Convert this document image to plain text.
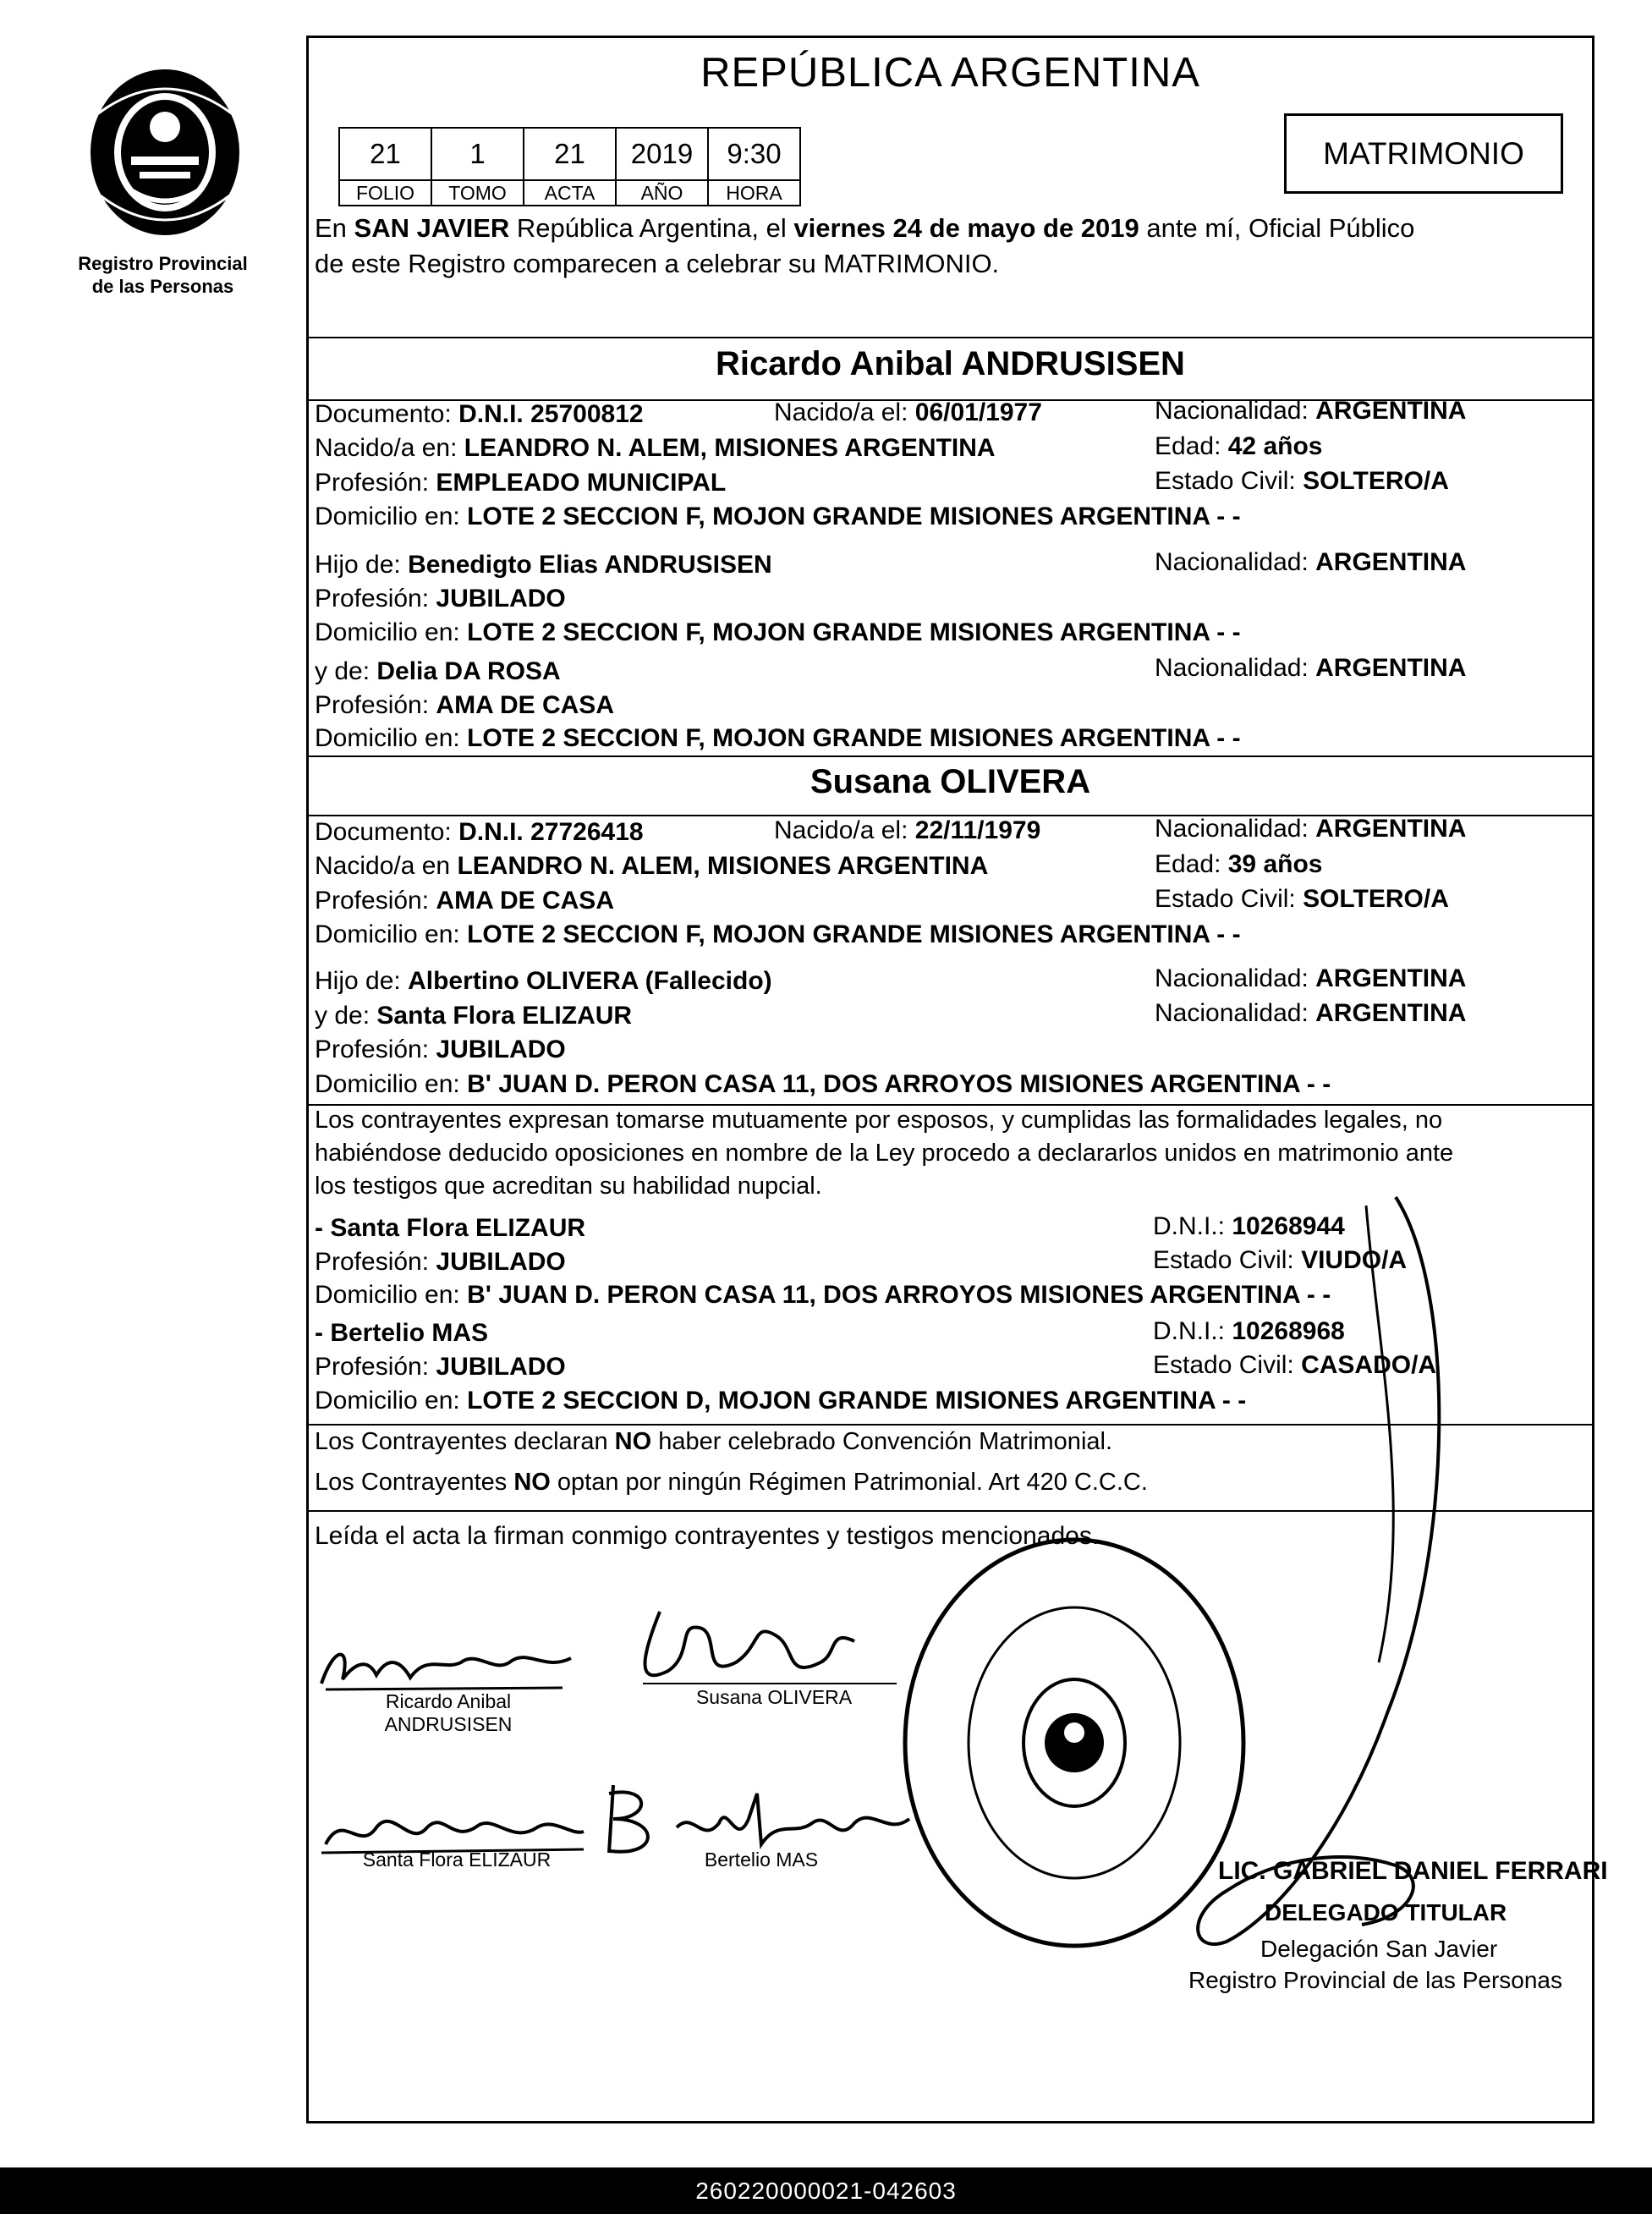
Registro Provincial
de las Personas
REPÚBLICA ARGENTINA
21	1	21	2019	9:30
FOLIO	TOMO	ACTA	AÑO	HORA
MATRIMONIO
En SAN JAVIER República Argentina, el viernes 24 de mayo de 2019 ante mí, Oficial Público
de este Registro comparecen a celebrar su MATRIMONIO.
Ricardo Anibal ANDRUSISEN
Documento: D.N.I. 25700812	Nacido/a el: 06/01/1977	Nacionalidad: ARGENTINA
Nacido/a en: LEANDRO N. ALEM, MISIONES ARGENTINA	Edad: 42 años
Profesión: EMPLEADO MUNICIPAL	Estado Civil: SOLTERO/A
Domicilio en: LOTE 2 SECCION F, MOJON GRANDE MISIONES ARGENTINA - -
Hijo de: Benedigto Elias ANDRUSISEN	Nacionalidad: ARGENTINA
Profesión: JUBILADO
Domicilio en: LOTE 2 SECCION F, MOJON GRANDE MISIONES ARGENTINA - -
y de: Delia DA ROSA	Nacionalidad: ARGENTINA
Profesión: AMA DE CASA
Domicilio en: LOTE 2 SECCION F, MOJON GRANDE MISIONES ARGENTINA - -
Susana OLIVERA
Documento: D.N.I. 27726418	Nacido/a el: 22/11/1979	Nacionalidad: ARGENTINA
Nacido/a en LEANDRO N. ALEM, MISIONES ARGENTINA	Edad: 39 años
Profesión: AMA DE CASA	Estado Civil: SOLTERO/A
Domicilio en: LOTE 2 SECCION F, MOJON GRANDE MISIONES ARGENTINA - -
Hijo de: Albertino OLIVERA (Fallecido)	Nacionalidad: ARGENTINA
y de: Santa Flora ELIZAUR	Nacionalidad: ARGENTINA
Profesión: JUBILADO
Domicilio en: B' JUAN D. PERON CASA 11, DOS ARROYOS MISIONES ARGENTINA - -
Los contrayentes expresan tomarse mutuamente por esposos, y cumplidas las formalidades legales, no
habiéndose deducido oposiciones en nombre de la Ley procedo a declararlos unidos en matrimonio ante
los testigos que acreditan su habilidad nupcial.
- Santa Flora ELIZAUR	D.N.I.: 10268944
Profesión: JUBILADO	Estado Civil: VIUDO/A
Domicilio en: B' JUAN D. PERON CASA 11, DOS ARROYOS MISIONES ARGENTINA - -
- Bertelio MAS	D.N.I.: 10268968
Profesión: JUBILADO	Estado Civil: CASADO/A
Domicilio en: LOTE 2 SECCION D, MOJON GRANDE MISIONES ARGENTINA - -
Los Contrayentes declaran NO haber celebrado Convención Matrimonial.
Los Contrayentes NO optan por ningún Régimen Patrimonial. Art 420 C.C.C.
Leída el acta la firman conmigo contrayentes y testigos mencionados.
Ricardo Anibal
ANDRUSISEN
Susana OLIVERA
Santa Flora ELIZAUR	Bertelio MAS	LIC. GABRIEL DANIEL FERRARI
DELEGADO TITULAR
Delegación San Javier
Registro Provincial de las Personas
260220000021-042603
